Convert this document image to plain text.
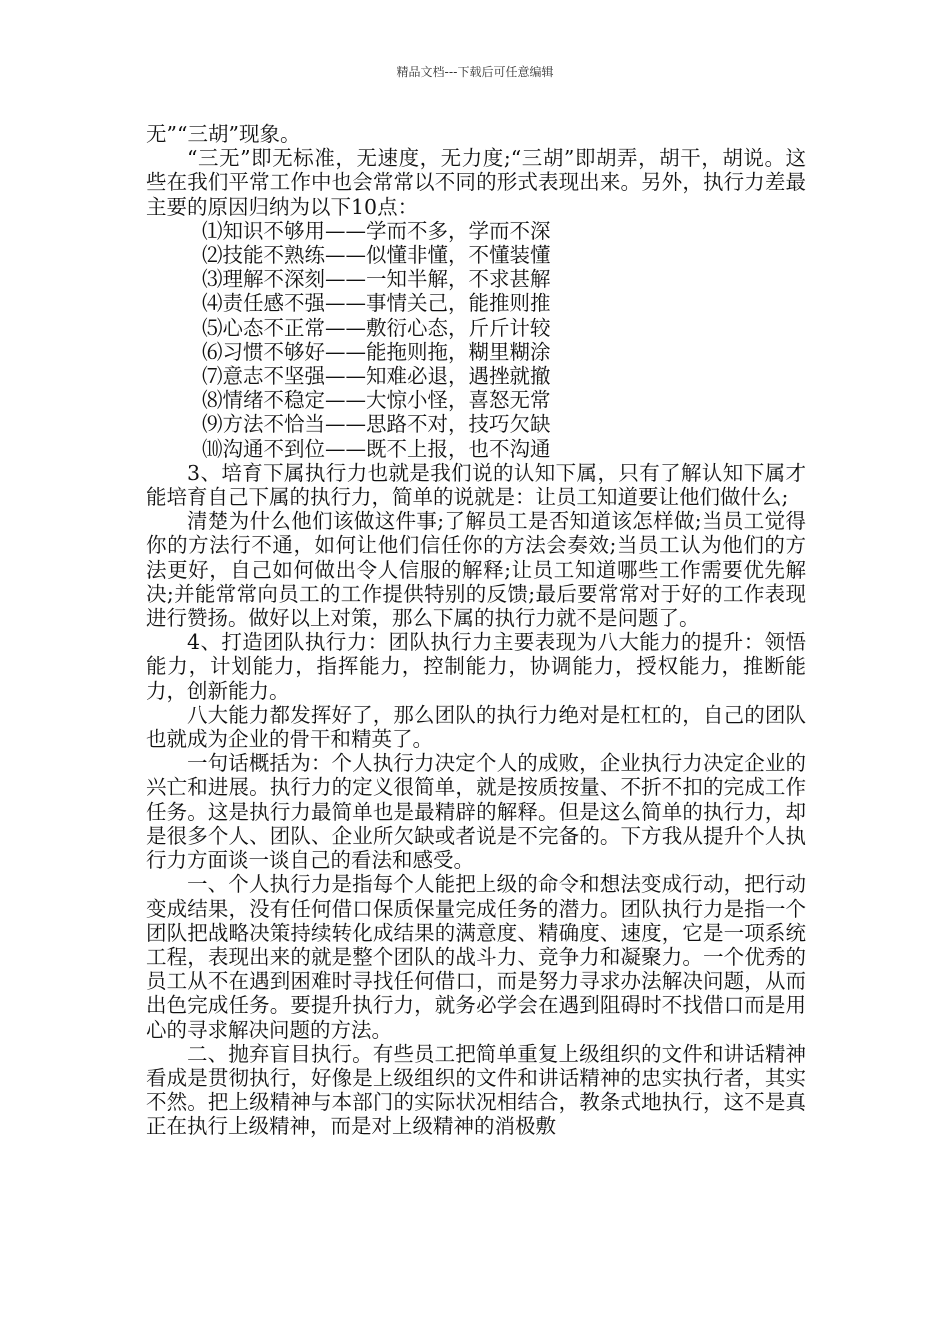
精品文档---下载后可任意编辑

无”“三胡”现象。

“三无”即无标准，无速度，无力度;“三胡”即胡弄，胡干，胡说。这些在我们平常工作中也会常常以不同的形式表现出来。另外，执行力差最主要的原因归纳为以下10点：

⑴知识不够用——学而不多，学而不深

⑵技能不熟练——似懂非懂，不懂装懂

⑶理解不深刻——一知半解，不求甚解

⑷责任感不强——事情关己，能推则推

⑸心态不正常——敷衍心态，斤斤计较

⑹习惯不够好——能拖则拖，糊里糊涂

⑺意志不坚强——知难必退，遇挫就撤

⑻情绪不稳定——大惊小怪，喜怒无常

⑼方法不恰当——思路不对，技巧欠缺

⑽沟通不到位——既不上报，也不沟通

3、培育下属执行力也就是我们说的认知下属，只有了解认知下属才能培育自己下属的执行力，简单的说就是：让员工知道要让他们做什么;

清楚为什么他们该做这件事;了解员工是否知道该怎样做;当员工觉得你的方法行不通，如何让他们信任你的方法会奏效;当员工认为他们的方法更好，自己如何做出令人信服的解释;让员工知道哪些工作需要优先解决;并能常常向员工的工作提供特别的反馈;最后要常常对于好的工作表现进行赞扬。做好以上对策，那么下属的执行力就不是问题了。

4、打造团队执行力：团队执行力主要表现为八大能力的提升：领悟能力，计划能力，指挥能力，控制能力，协调能力，授权能力，推断能力，创新能力。

八大能力都发挥好了，那么团队的执行力绝对是杠杠的，自己的团队也就成为企业的骨干和精英了。

一句话概括为：个人执行力决定个人的成败，企业执行力决定企业的兴亡和进展。执行力的定义很简单，就是按质按量、不折不扣的完成工作任务。这是执行力最简单也是最精辟的解释。但是这么简单的执行力，却是很多个人、团队、企业所欠缺或者说是不完备的。下方我从提升个人执行力方面谈一谈自己的看法和感受。

一、个人执行力是指每个人能把上级的命令和想法变成行动，把行动变成结果，没有任何借口保质保量完成任务的潜力。团队执行力是指一个团队把战略决策持续转化成结果的满意度、精确度、速度，它是一项系统工程，表现出来的就是整个团队的战斗力、竞争力和凝聚力。一个优秀的员工从不在遇到困难时寻找任何借口，而是努力寻求办法解决问题，从而出色完成任务。要提升执行力，就务必学会在遇到阻碍时不找借口而是用心的寻求解决问题的方法。

二、抛弃盲目执行。有些员工把简单重复上级组织的文件和讲话精神看成是贯彻执行，好像是上级组织的文件和讲话精神的忠实执行者，其实不然。把上级精神与本部门的实际状况相结合，教条式地执行，这不是真正在执行上级精神，而是对上级精神的消极敷
